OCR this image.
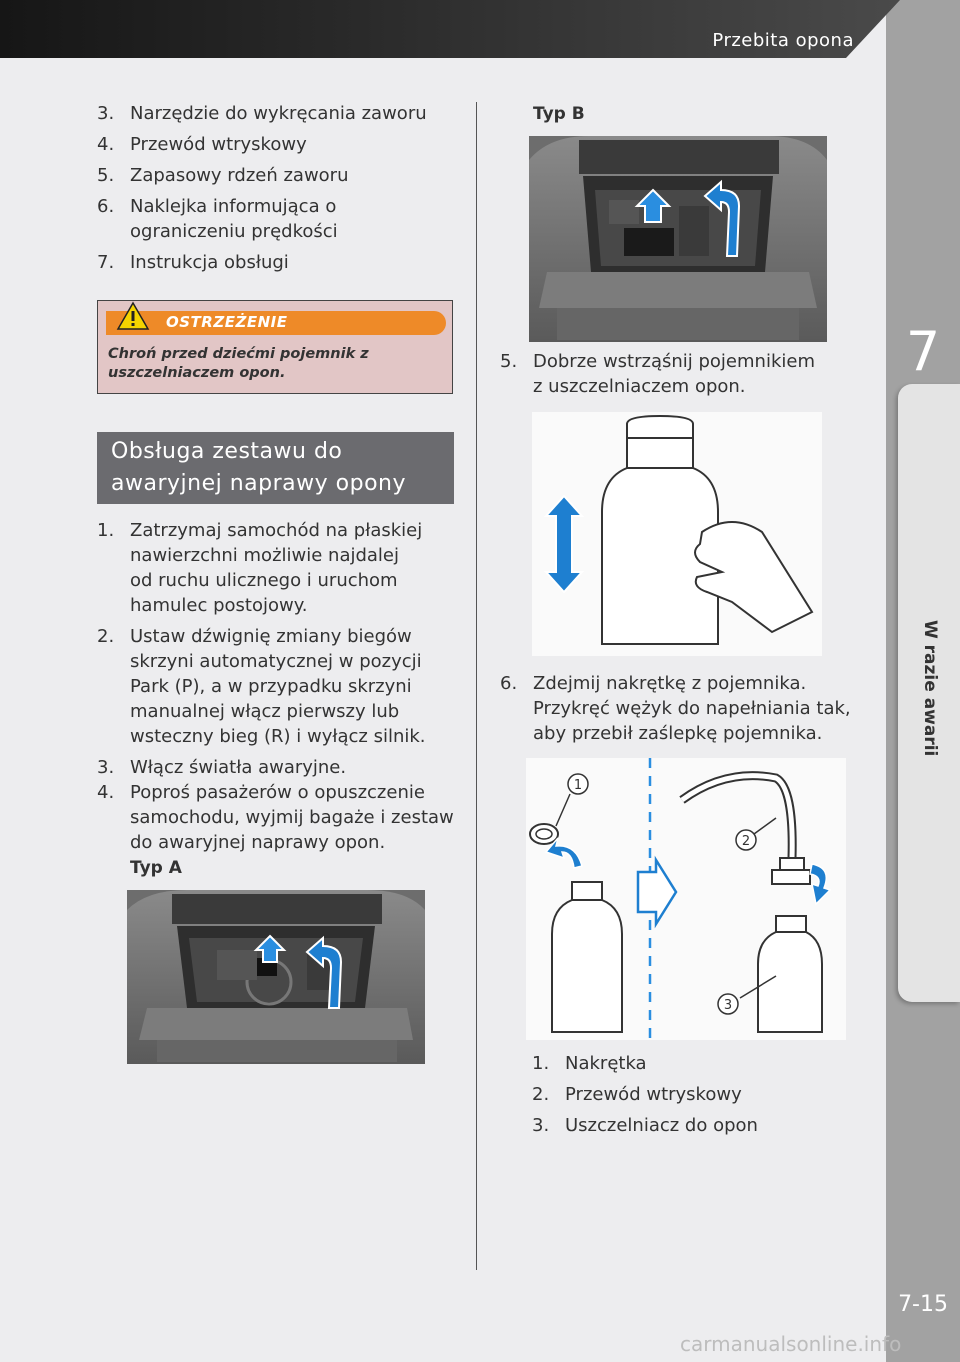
Przebita opona
7
W razie awarii
3. Narzędzie do wykręcania zaworu
4. Przewód wtryskowy
5. Zapasowy rdzeń zaworu
6. Naklejka informująca o ograniczeniu prędkości
7. Instrukcja obsługi
OSTRZEŻENIE
Chroń przed dziećmi pojemnik z uszczelniaczem opon.
Obsługa zestawu do awaryjnej naprawy opony
1. Zatrzymaj samochód na płaskiej nawierzchni możliwie najdalej od ruchu ulicznego i uruchom hamulec postojowy.
2. Ustaw dźwignię zmiany biegów skrzyni automatycznej w pozycji Park (P), a w przypadku skrzyni manualnej włącz pierwszy lub wsteczny bieg (R) i wyłącz silnik.
3. Włącz światła awaryjne.
4. Poproś pasażerów o opuszczenie samochodu, wyjmij bagaże i zestaw do awaryjnej naprawy opon.
Typ A
Typ B
5. Dobrze wstrząśnij pojemnikiem z uszczelniaczem opon.
6. Zdejmij nakrętkę z pojemnika. Przykręć wężyk do napełniania tak, aby przebił zaślepkę pojemnika.
1
2
3
1. Nakrętka
2. Przewód wtryskowy
3. Uszczelniacz do opon
7-15
carmanualsonline.info
